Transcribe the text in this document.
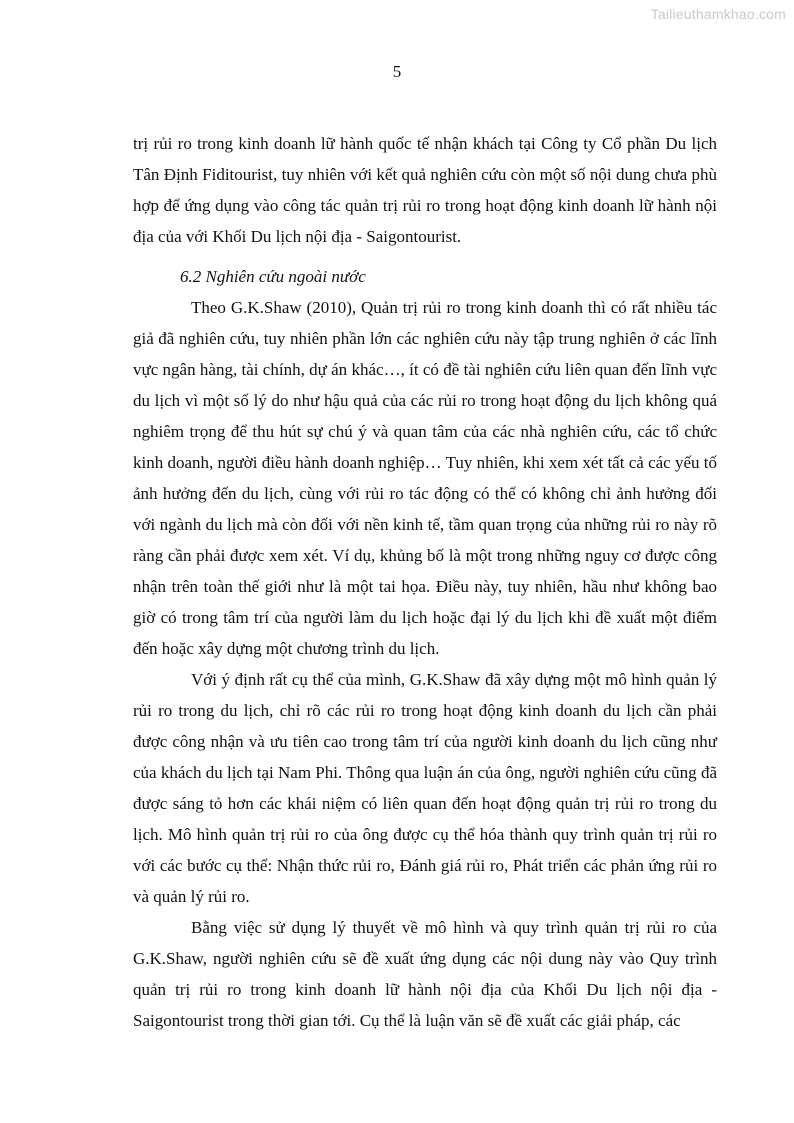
Tailieuthamkhao.com
5

trị rủi ro trong kinh doanh lữ hành quốc tế nhận khách tại Công ty Cổ phần Du lịch Tân Định Fiditourist, tuy nhiên với kết quả nghiên cứu còn một số nội dung chưa phù hợp để ứng dụng vào công tác quản trị rủi ro trong hoạt động kinh doanh lữ hành nội địa của với Khối Du lịch nội địa - Saigontourist.

6.2 Nghiên cứu ngoài nước

Theo G.K.Shaw (2010), Quản trị rủi ro trong kinh doanh thì có rất nhiều tác giả đã nghiên cứu, tuy nhiên phần lớn các nghiên cứu này tập trung nghiên ở các lĩnh vực ngân hàng, tài chính, dự án khác…, ít có đề tài nghiên cứu liên quan đến lĩnh vực du lịch vì một số lý do như hậu quả của các rủi ro trong hoạt động du lịch không quá nghiêm trọng để thu hút sự chú ý và quan tâm của các nhà nghiên cứu, các tổ chức kinh doanh, người điều hành doanh nghiệp… Tuy nhiên, khi xem xét tất cả các yếu tố ảnh hưởng đến du lịch, cùng với rủi ro tác động có thể có không chỉ ảnh hưởng đối với ngành du lịch mà còn đối với nền kinh tế, tầm quan trọng của những rủi ro này rõ ràng cần phải được xem xét. Ví dụ, khủng bố là một trong những nguy cơ được công nhận trên toàn thế giới như là một tai họa. Điều này, tuy nhiên, hầu như không bao giờ có trong tâm trí của người làm du lịch hoặc đại lý du lịch khi đề xuất một điểm đến hoặc xây dựng một chương trình du lịch.

Với ý định rất cụ thể của mình, G.K.Shaw đã xây dựng một mô hình quản lý rủi ro trong du lịch, chỉ rõ các rủi ro trong hoạt động kinh doanh du lịch cần phải được công nhận và ưu tiên cao trong tâm trí của người kinh doanh du lịch cũng như của khách du lịch tại Nam Phi. Thông qua luận án của ông, người nghiên cứu cũng đã được sáng tỏ hơn các khái niệm có liên quan đến hoạt động quản trị rủi ro trong du lịch. Mô hình quản trị rủi ro của ông được cụ thể hóa thành quy trình quản trị rủi ro với các bước cụ thể: Nhận thức rủi ro, Đánh giá rủi ro, Phát triển các phản ứng rủi ro và quản lý rủi ro.

Bằng việc sử dụng lý thuyết về mô hình và quy trình quản trị rủi ro của G.K.Shaw, người nghiên cứu sẽ đề xuất ứng dụng các nội dung này vào Quy trình quản trị rủi ro trong kinh doanh lữ hành nội địa của Khối Du lịch nội địa - Saigontourist trong thời gian tới. Cụ thể là luận văn sẽ đề xuất các giải pháp, các
